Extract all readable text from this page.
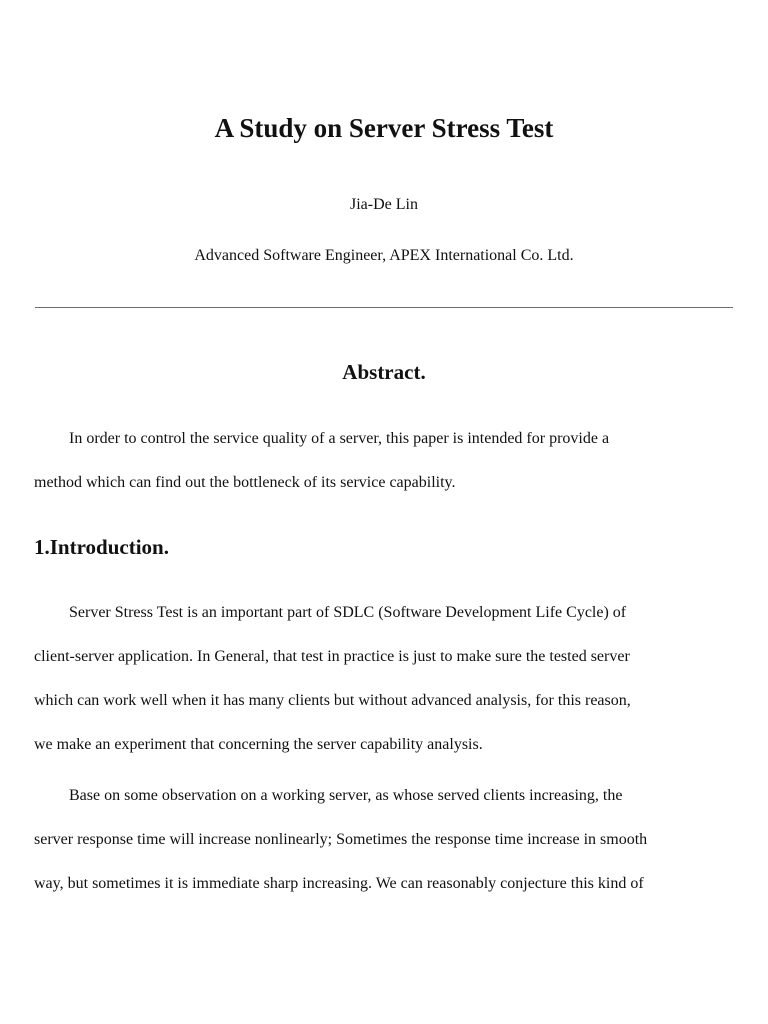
A Study on Server Stress Test
Jia-De Lin
Advanced Software Engineer, APEX International Co. Ltd.
Abstract.
In order to control the service quality of a server, this paper is intended for provide a
method which can find out the bottleneck of its service capability.
1.Introduction.
Server Stress Test is an important part of SDLC (Software Development Life Cycle) of
client-server application. In General, that test in practice is just to make sure the tested server
which can work well when it has many clients but without advanced analysis, for this reason,
we make an experiment that concerning the server capability analysis.
Base on some observation on a working server, as whose served clients increasing, the
server response time will increase nonlinearly; Sometimes the response time increase in smooth
way, but sometimes it is immediate sharp increasing. We can reasonably conjecture this kind of
